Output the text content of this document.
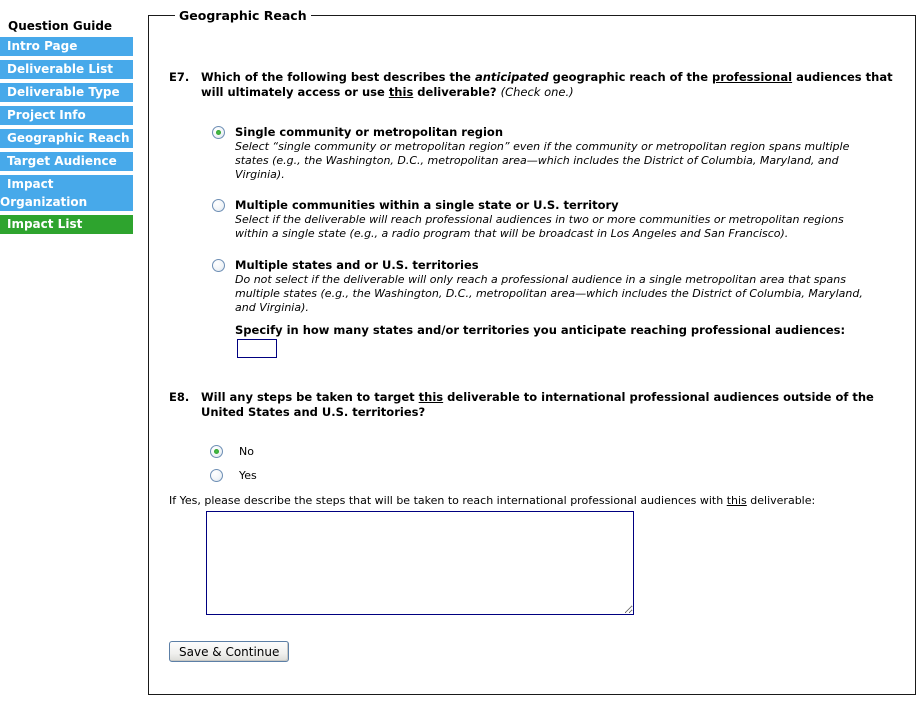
Question Guide
Intro Page
Deliverable List
Deliverable Type
Project Info
Geographic Reach
Target Audience
Impact Organization
Impact List
Geographic Reach
E7.	Which of the following best describes the anticipated geographic reach of the professional audiences that will ultimately access or use this deliverable? (Check one.)
Single community or metropolitan region
Select “single community or metropolitan region” even if the community or metropolitan region spans multiple states (e.g., the Washington, D.C., metropolitan area—which includes the District of Columbia, Maryland, and Virginia).
Multiple communities within a single state or U.S. territory
Select if the deliverable will reach professional audiences in two or more communities or metropolitan regions within a single state (e.g., a radio program that will be broadcast in Los Angeles and San Francisco).
Multiple states and or U.S. territories
Do not select if the deliverable will only reach a professional audience in a single metropolitan area that spans multiple states (e.g., the Washington, D.C., metropolitan area—which includes the District of Columbia, Maryland, and Virginia).
Specify in how many states and/or territories you anticipate reaching professional audiences:
E8.	Will any steps be taken to target this deliverable to international professional audiences outside of the United States and U.S. territories?
No
Yes
If Yes, please describe the steps that will be taken to reach international professional audiences with this deliverable:
Save & Continue
